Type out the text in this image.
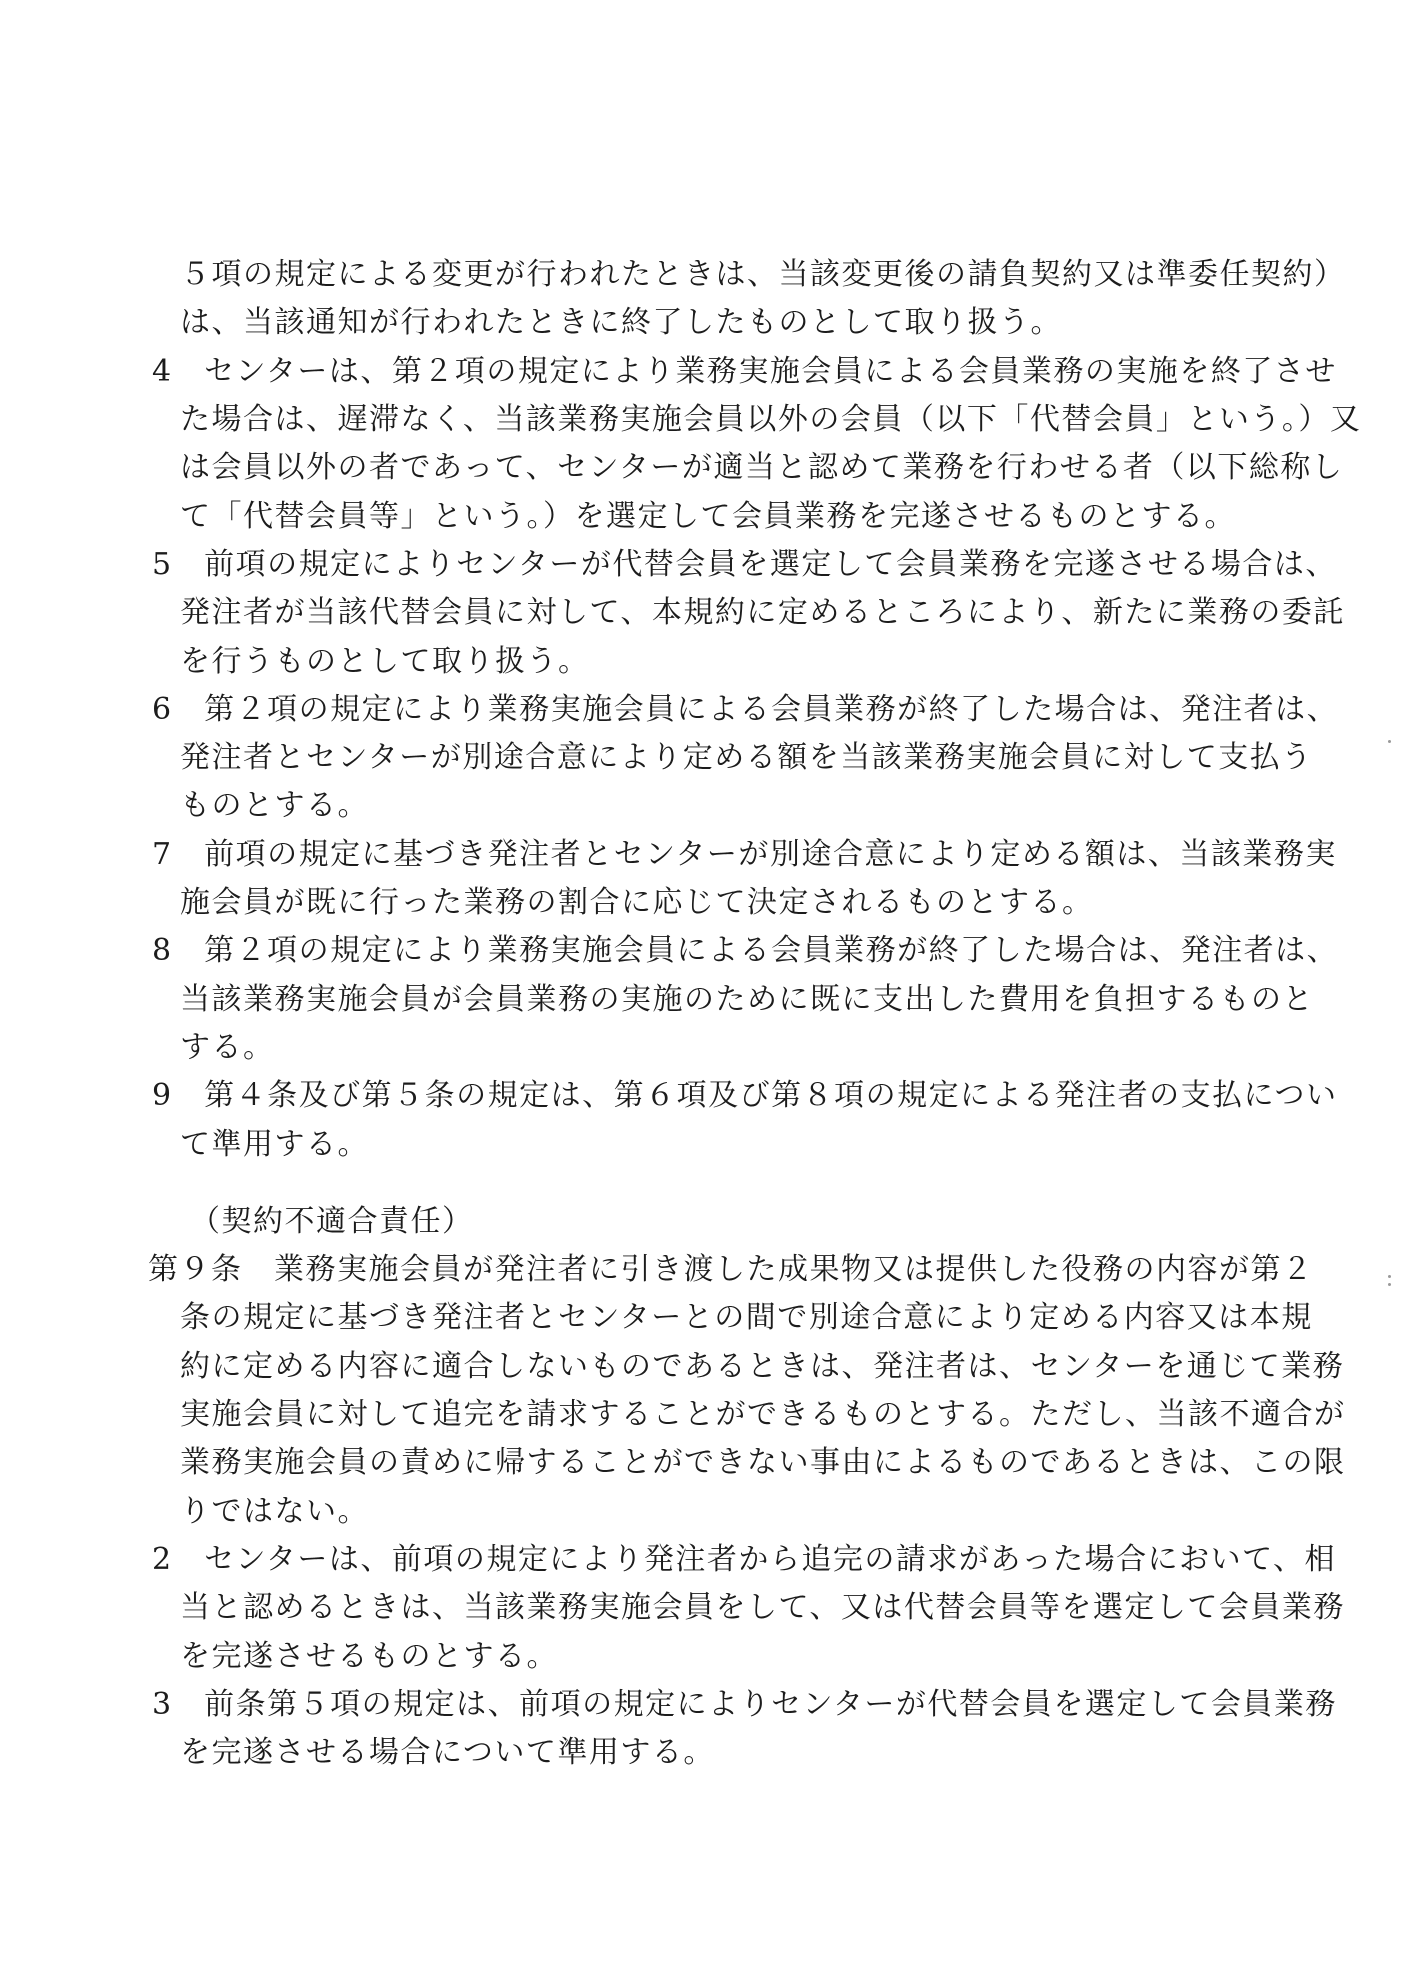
５項の規定による変更が行われたときは、当該変更後の請負契約又は準委任契約）
は、当該通知が行われたときに終了したものとして取り扱う。
4　センターは、第２項の規定により業務実施会員による会員業務の実施を終了させ
た場合は、遅滞なく、当該業務実施会員以外の会員（以下「代替会員」という。）又
は会員以外の者であって、センターが適当と認めて業務を行わせる者（以下総称し
て「代替会員等」という。）を選定して会員業務を完遂させるものとする。
5　前項の規定によりセンターが代替会員を選定して会員業務を完遂させる場合は、
発注者が当該代替会員に対して、本規約に定めるところにより、新たに業務の委託
を行うものとして取り扱う。
6　第２項の規定により業務実施会員による会員業務が終了した場合は、発注者は、
発注者とセンターが別途合意により定める額を当該業務実施会員に対して支払う
ものとする。
7　前項の規定に基づき発注者とセンターが別途合意により定める額は、当該業務実
施会員が既に行った業務の割合に応じて決定されるものとする。
8　第２項の規定により業務実施会員による会員業務が終了した場合は、発注者は、
当該業務実施会員が会員業務の実施のために既に支出した費用を負担するものと
する。
9　第４条及び第５条の規定は、第６項及び第８項の規定による発注者の支払につい
て準用する。
（契約不適合責任）
第９条　業務実施会員が発注者に引き渡した成果物又は提供した役務の内容が第２
条の規定に基づき発注者とセンターとの間で別途合意により定める内容又は本規
約に定める内容に適合しないものであるときは、発注者は、センターを通じて業務
実施会員に対して追完を請求することができるものとする。ただし、当該不適合が
業務実施会員の責めに帰することができない事由によるものであるときは、この限
りではない。
2　センターは、前項の規定により発注者から追完の請求があった場合において、相
当と認めるときは、当該業務実施会員をして、又は代替会員等を選定して会員業務
を完遂させるものとする。
3　前条第５項の規定は、前項の規定によりセンターが代替会員を選定して会員業務
を完遂させる場合について準用する。
